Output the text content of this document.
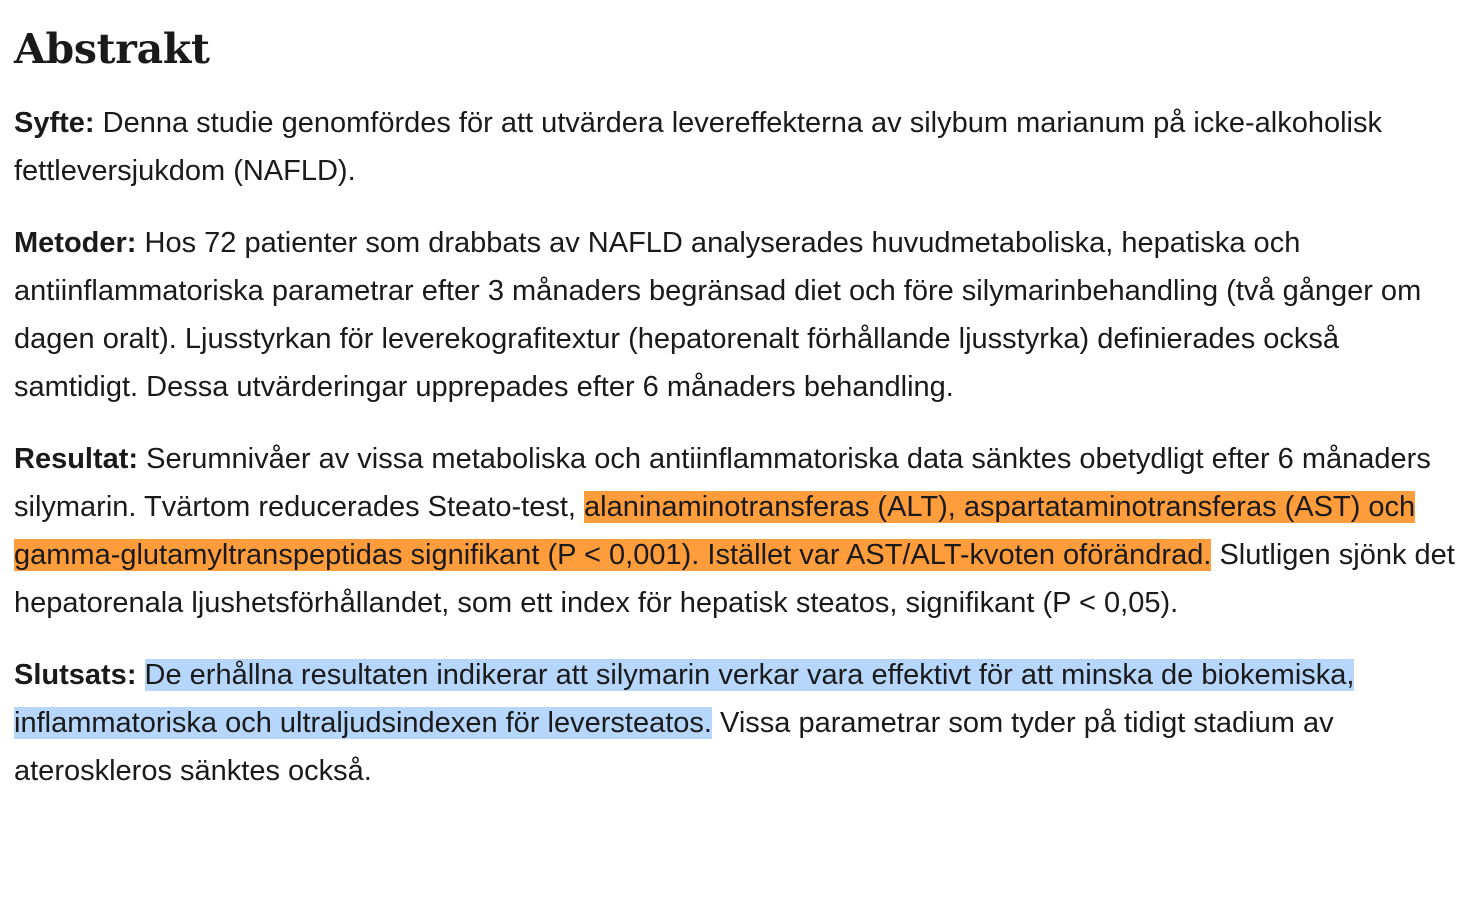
Abstrakt

Syfte: Denna studie genomfördes för att utvärdera levereffekterna av silybum marianum på icke-alkoholisk fettleversjukdom (NAFLD).

Metoder: Hos 72 patienter som drabbats av NAFLD analyserades huvudmetaboliska, hepatiska och antiinflammatoriska parametrar efter 3 månaders begränsad diet och före silymarinbehandling (två gånger om dagen oralt). Ljusstyrkan för leverekografitextur (hepatorenalt förhållande ljusstyrka) definierades också samtidigt. Dessa utvärderingar upprepades efter 6 månaders behandling.

Resultat: Serumnivåer av vissa metaboliska och antiinflammatoriska data sänktes obetydligt efter 6 månaders silymarin. Tvärtom reducerades Steato-test, alaninaminotransferas (ALT), aspartataminotransferas (AST) och gamma-glutamyltranspeptidas signifikant (P < 0,001). Istället var AST/ALT-kvoten oförändrad. Slutligen sjönk det hepatorenala ljushetsförhållandet, som ett index för hepatisk steatos, signifikant (P < 0,05).

Slutsats: De erhållna resultaten indikerar att silymarin verkar vara effektivt för att minska de biokemiska, inflammatoriska och ultraljudsindexen för leversteatos. Vissa parametrar som tyder på tidigt stadium av ateroskleros sänktes också.
